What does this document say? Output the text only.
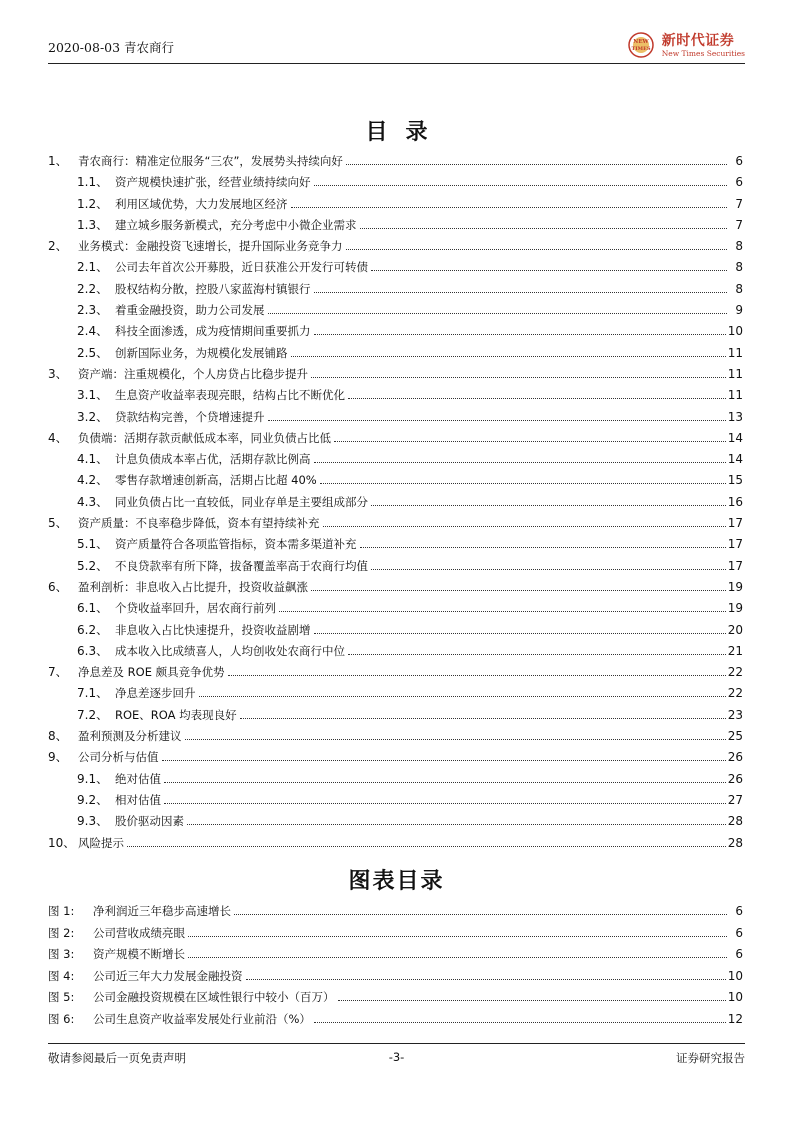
2020-08-03 青农商行	NEW
TIMES
新时代证券
New Times Securities
目录
1、 青农商行：精准定位服务“三农”，发展势头持续向好	6
1.1、 资产规模快速扩张，经营业绩持续向好	6
1.2、 利用区域优势，大力发展地区经济	7
1.3、 建立城乡服务新模式，充分考虑中小微企业需求	7
2、 业务模式：金融投资飞速增长，提升国际业务竞争力	8
2.1、 公司去年首次公开募股，近日获准公开发行可转债	8
2.2、 股权结构分散，控股八家蓝海村镇银行	8
2.3、 着重金融投资，助力公司发展	9
2.4、 科技全面渗透，成为疫情期间重要抓力	10
2.5、 创新国际业务，为规模化发展铺路	11
3、 资产端：注重规模化，个人房贷占比稳步提升	11
3.1、 生息资产收益率表现亮眼，结构占比不断优化	11
3.2、 贷款结构完善，个贷增速提升	13
4、 负债端：活期存款贡献低成本率，同业负债占比低	14
4.1、 计息负债成本率占优，活期存款比例高	14
4.2、 零售存款增速创新高，活期占比超 40%	15
4.3、 同业负债占比一直较低，同业存单是主要组成部分	16
5、 资产质量：不良率稳步降低，资本有望持续补充	17
5.1、 资产质量符合各项监管指标，资本需多渠道补充	17
5.2、 不良贷款率有所下降，拔备覆盖率高于农商行均值	17
6、 盈利剖析：非息收入占比提升，投资收益飙涨	19
6.1、 个贷收益率回升，居农商行前列	19
6.2、 非息收入占比快速提升，投资收益剧增	20
6.3、 成本收入比成绩喜人，人均创收处农商行中位	21
7、 净息差及 ROE 颇具竞争优势	22
7.1、 净息差逐步回升	22
7.2、 ROE、ROA 均表现良好	23
8、 盈利预测及分析建议	25
9、 公司分析与估值	26
9.1、 绝对估值	26
9.2、 相对估值	27
9.3、 股价驱动因素	28
10、 风险提示	28
图表目录
图 1:	净利润近三年稳步高速增长	6
图 2:	公司营收成绩亮眼	6
图 3:	资产规模不断增长	6
图 4:	公司近三年大力发展金融投资	10
图 5:	公司金融投资规模在区域性银行中较小（百万）	10
图 6:	公司生息资产收益率发展处行业前沿（%）	12
敬请参阅最后一页免责声明	-3-	证券研究报告
